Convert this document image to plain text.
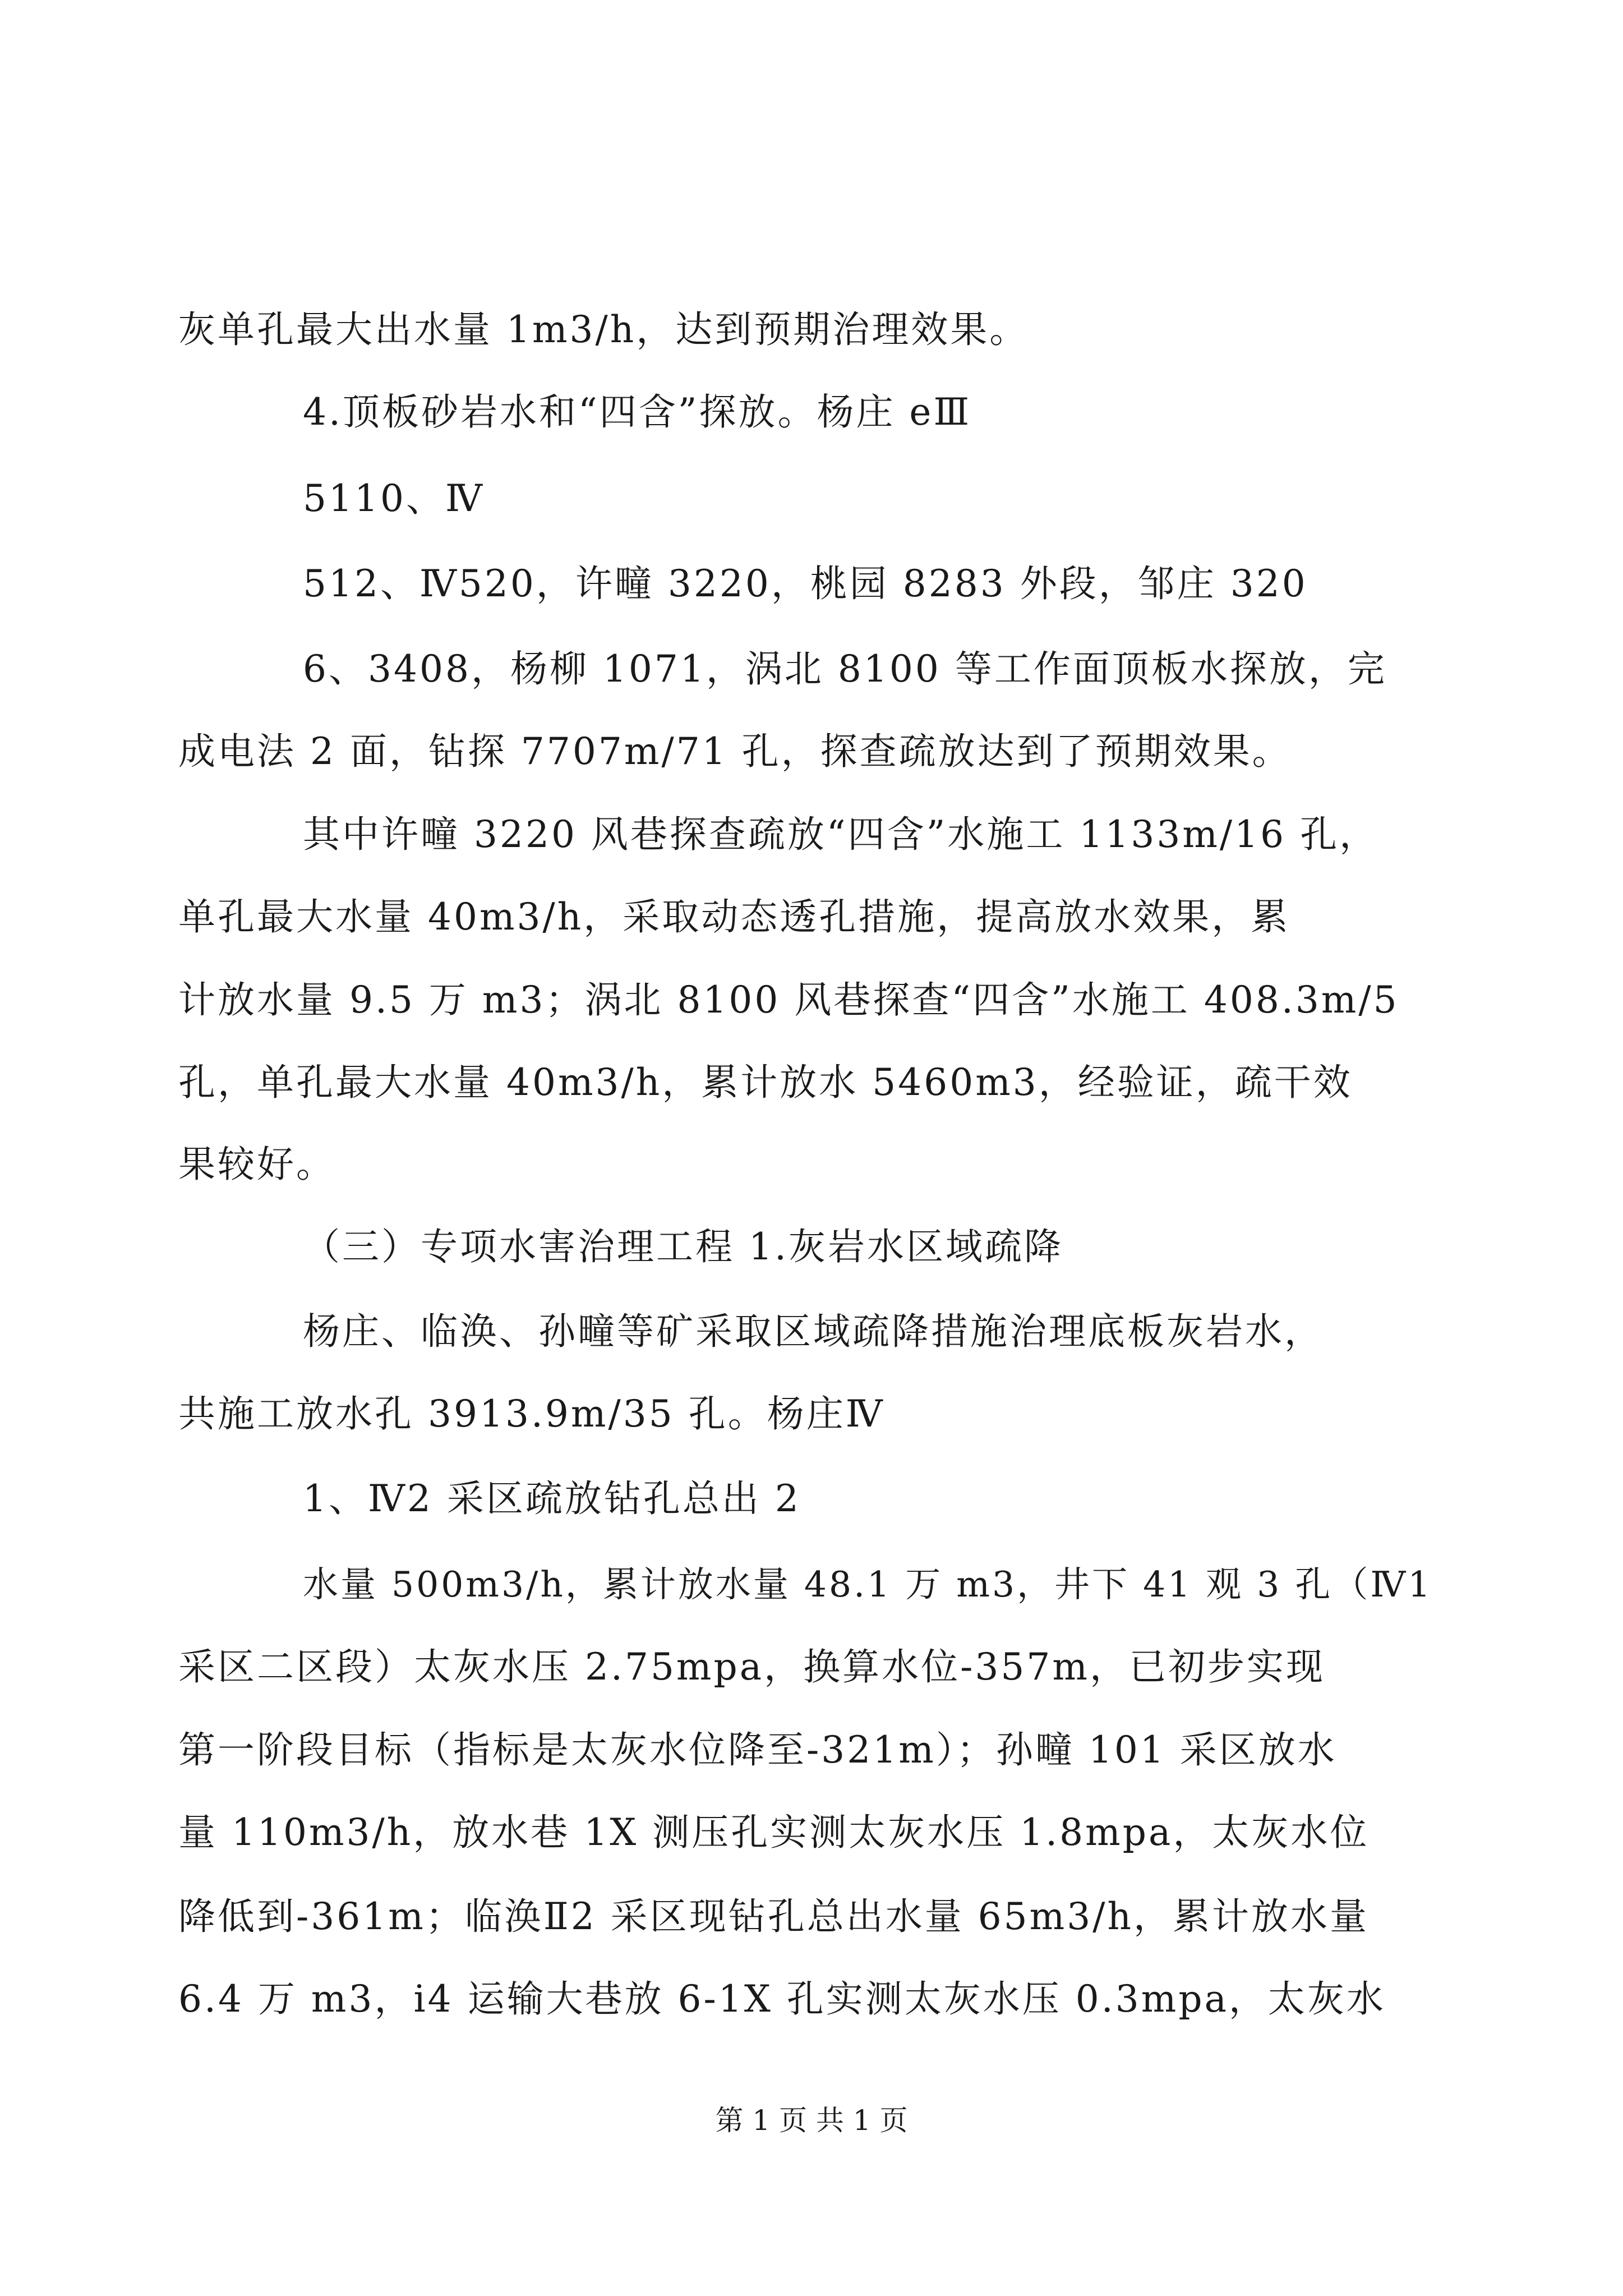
灰单孔最大出水量 1m3/h，达到预期治理效果。

4.顶板砂岩水和“四含”探放。杨庄 eⅢ

5110、Ⅳ

512、Ⅳ520，许疃 3220，桃园 8283 外段，邹庄 320

6、3408，杨柳 1071，涡北 8100 等工作面顶板水探放，完

成电法 2 面，钻探 7707m/71 孔，探查疏放达到了预期效果。

其中许疃 3220 风巷探查疏放“四含”水施工 1133m/16 孔，

单孔最大水量 40m3/h，采取动态透孔措施，提高放水效果，累

计放水量 9.5 万 m3；涡北 8100 风巷探查“四含”水施工 408.3m/5

孔，单孔最大水量 40m3/h，累计放水 5460m3，经验证，疏干效

果较好。

（三）专项水害治理工程 1.灰岩水区域疏降

杨庄、临涣、孙疃等矿采取区域疏降措施治理底板灰岩水，

共施工放水孔 3913.9m/35 孔。杨庄Ⅳ

1、Ⅳ2 采区疏放钻孔总出 2

水量 500m3/h，累计放水量 48.1 万 m3，井下 41 观 3 孔（Ⅳ1

采区二区段）太灰水压 2.75mpa，换算水位-357m，已初步实现

第一阶段目标（指标是太灰水位降至-321m）；孙疃 101 采区放水

量 110m3/h，放水巷 1X 测压孔实测太灰水压 1.8mpa，太灰水位

降低到-361m；临涣Ⅱ2 采区现钻孔总出水量 65m3/h，累计放水量

6.4 万 m3，i4 运输大巷放 6-1X 孔实测太灰水压 0.3mpa，太灰水

第 1 页 共 1 页
